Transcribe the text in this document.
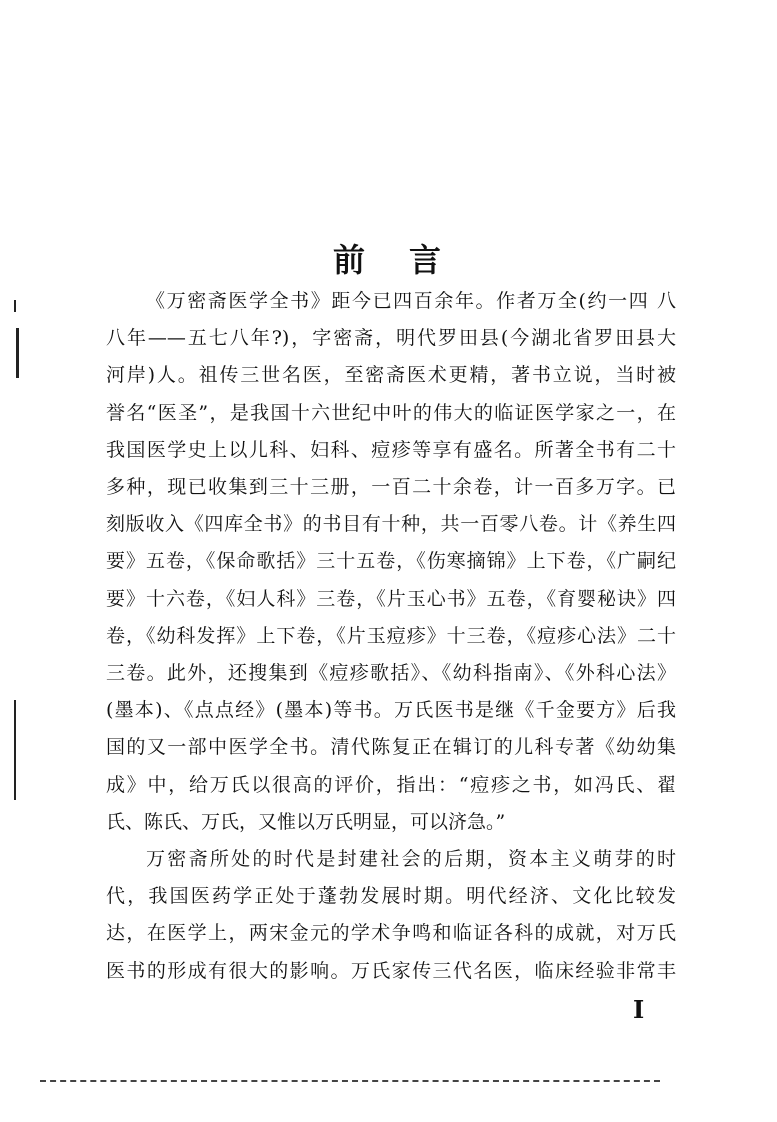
前　言
《万密斋医学全书》距今已四百余年。作者万全(约一四 八
八年——五七八年?)，字密斋，明代罗田县(今湖北省罗田县大
河岸)人。祖传三世名医，至密斋医术更精，著书立说，当时被
誉名“医圣”，是我国十六世纪中叶的伟大的临证医学家之一，在
我国医学史上以儿科、妇科、痘疹等享有盛名。所著全书有二十
多种，现已收集到三十三册，一百二十余卷，计一百多万字。已
刻版收入《四库全书》的书目有十种，共一百零八卷。计《养生四
要》五卷，《保命歌括》三十五卷，《伤寒摘锦》上下卷，《广嗣纪
要》十六卷，《妇人科》三卷，《片玉心书》五卷，《育婴秘诀》四
卷，《幼科发挥》上下卷，《片玉痘疹》十三卷，《痘疹心法》二十
三卷。此外，还搜集到《痘疹歌括》、《幼科指南》、《外科心法》
(墨本)、《点点经》(墨本)等书。万氏医书是继《千金要方》后我
国的又一部中医学全书。清代陈复正在辑订的儿科专著《幼幼集
成》中，给万氏以很高的评价，指出：“痘疹之书，如冯氏、翟
氏、陈氏、万氏，又惟以万氏明显，可以济急。”
万密斋所处的时代是封建社会的后期，资本主义萌芽的时
代，我国医药学正处于蓬勃发展时期。明代经济、文化比较发
达，在医学上，两宋金元的学术争鸣和临证各科的成就，对万氏
医书的形成有很大的影响。万氏家传三代名医，临床经验非常丰
I
